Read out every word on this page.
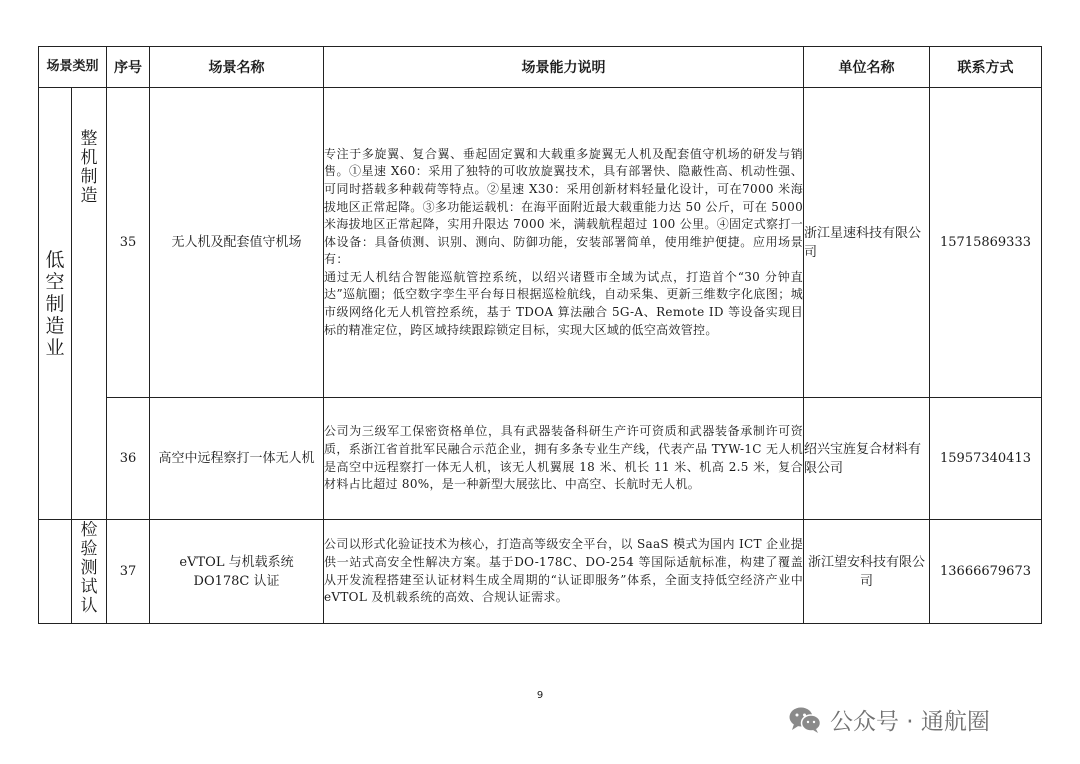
场景类别		序号	场景名称	场景能力说明	单位名称	联系方式
低空制造业	整机制造	35	无人机及配套值守机场	专注于多旋翼、复合翼、垂起固定翼和大载重多旋翼无人机及配套值守机场的研发与销售。①星速 X60：采用了独特的可收放旋翼技术，具有部署快、隐蔽性高、机动性强、可同时搭载多种载荷等特点。②星速 X30：采用创新材料轻量化设计，可在7000 米海拔地区正常起降。③多功能运载机：在海平面附近最大载重能力达 50 公斤，可在 5000 米海拔地区正常起降，实用升限达 7000 米，满载航程超过 100 公里。④固定式察打一体设备：具备侦测、识别、测向、防御功能，安装部署简单，使用维护便捷。应用场景有：
通过无人机结合智能巡航管控系统，以绍兴诸暨市全域为试点，打造首个“30 分钟直达”巡航圈；低空数字孪生平台每日根据巡检航线，自动采集、更新三维数字化底图；城市级网络化无人机管控系统，基于 TDOA 算法融合 5G-A、Remote ID 等设备实现目标的精准定位，跨区域持续跟踪锁定目标，实现大区域的低空高效管控。	浙江星速科技有限公司	15715869333
		36	高空中远程察打一体无人机	公司为三级军工保密资格单位，具有武器装备科研生产许可资质和武器装备承制许可资质，系浙江省首批军民融合示范企业，拥有多条专业生产线，代表产品 TYW-1C 无人机是高空中远程察打一体无人机，该无人机翼展 18 米、机长 11 米、机高 2.5 米，复合材料占比超过 80%，是一种新型大展弦比、中高空、长航时无人机。	绍兴宝旌复合材料有限公司	15957340413

	检验测试认	37	eVTOL 与机载系统 DO178C 认证	公司以形式化验证技术为核心，打造高等级安全平台，以 SaaS 模式为国内 ICT 企业提供一站式高安全性解决方案。基于DO-178C、DO-254 等国际适航标准，构建了覆盖从开发流程搭建至认证材料生成全周期的“认证即服务”体系，全面支持低空经济产业中 eVTOL 及机载系统的高效、合规认证需求。	浙江望安科技有限公司	13666679673
9
公众号 · 通航圈
